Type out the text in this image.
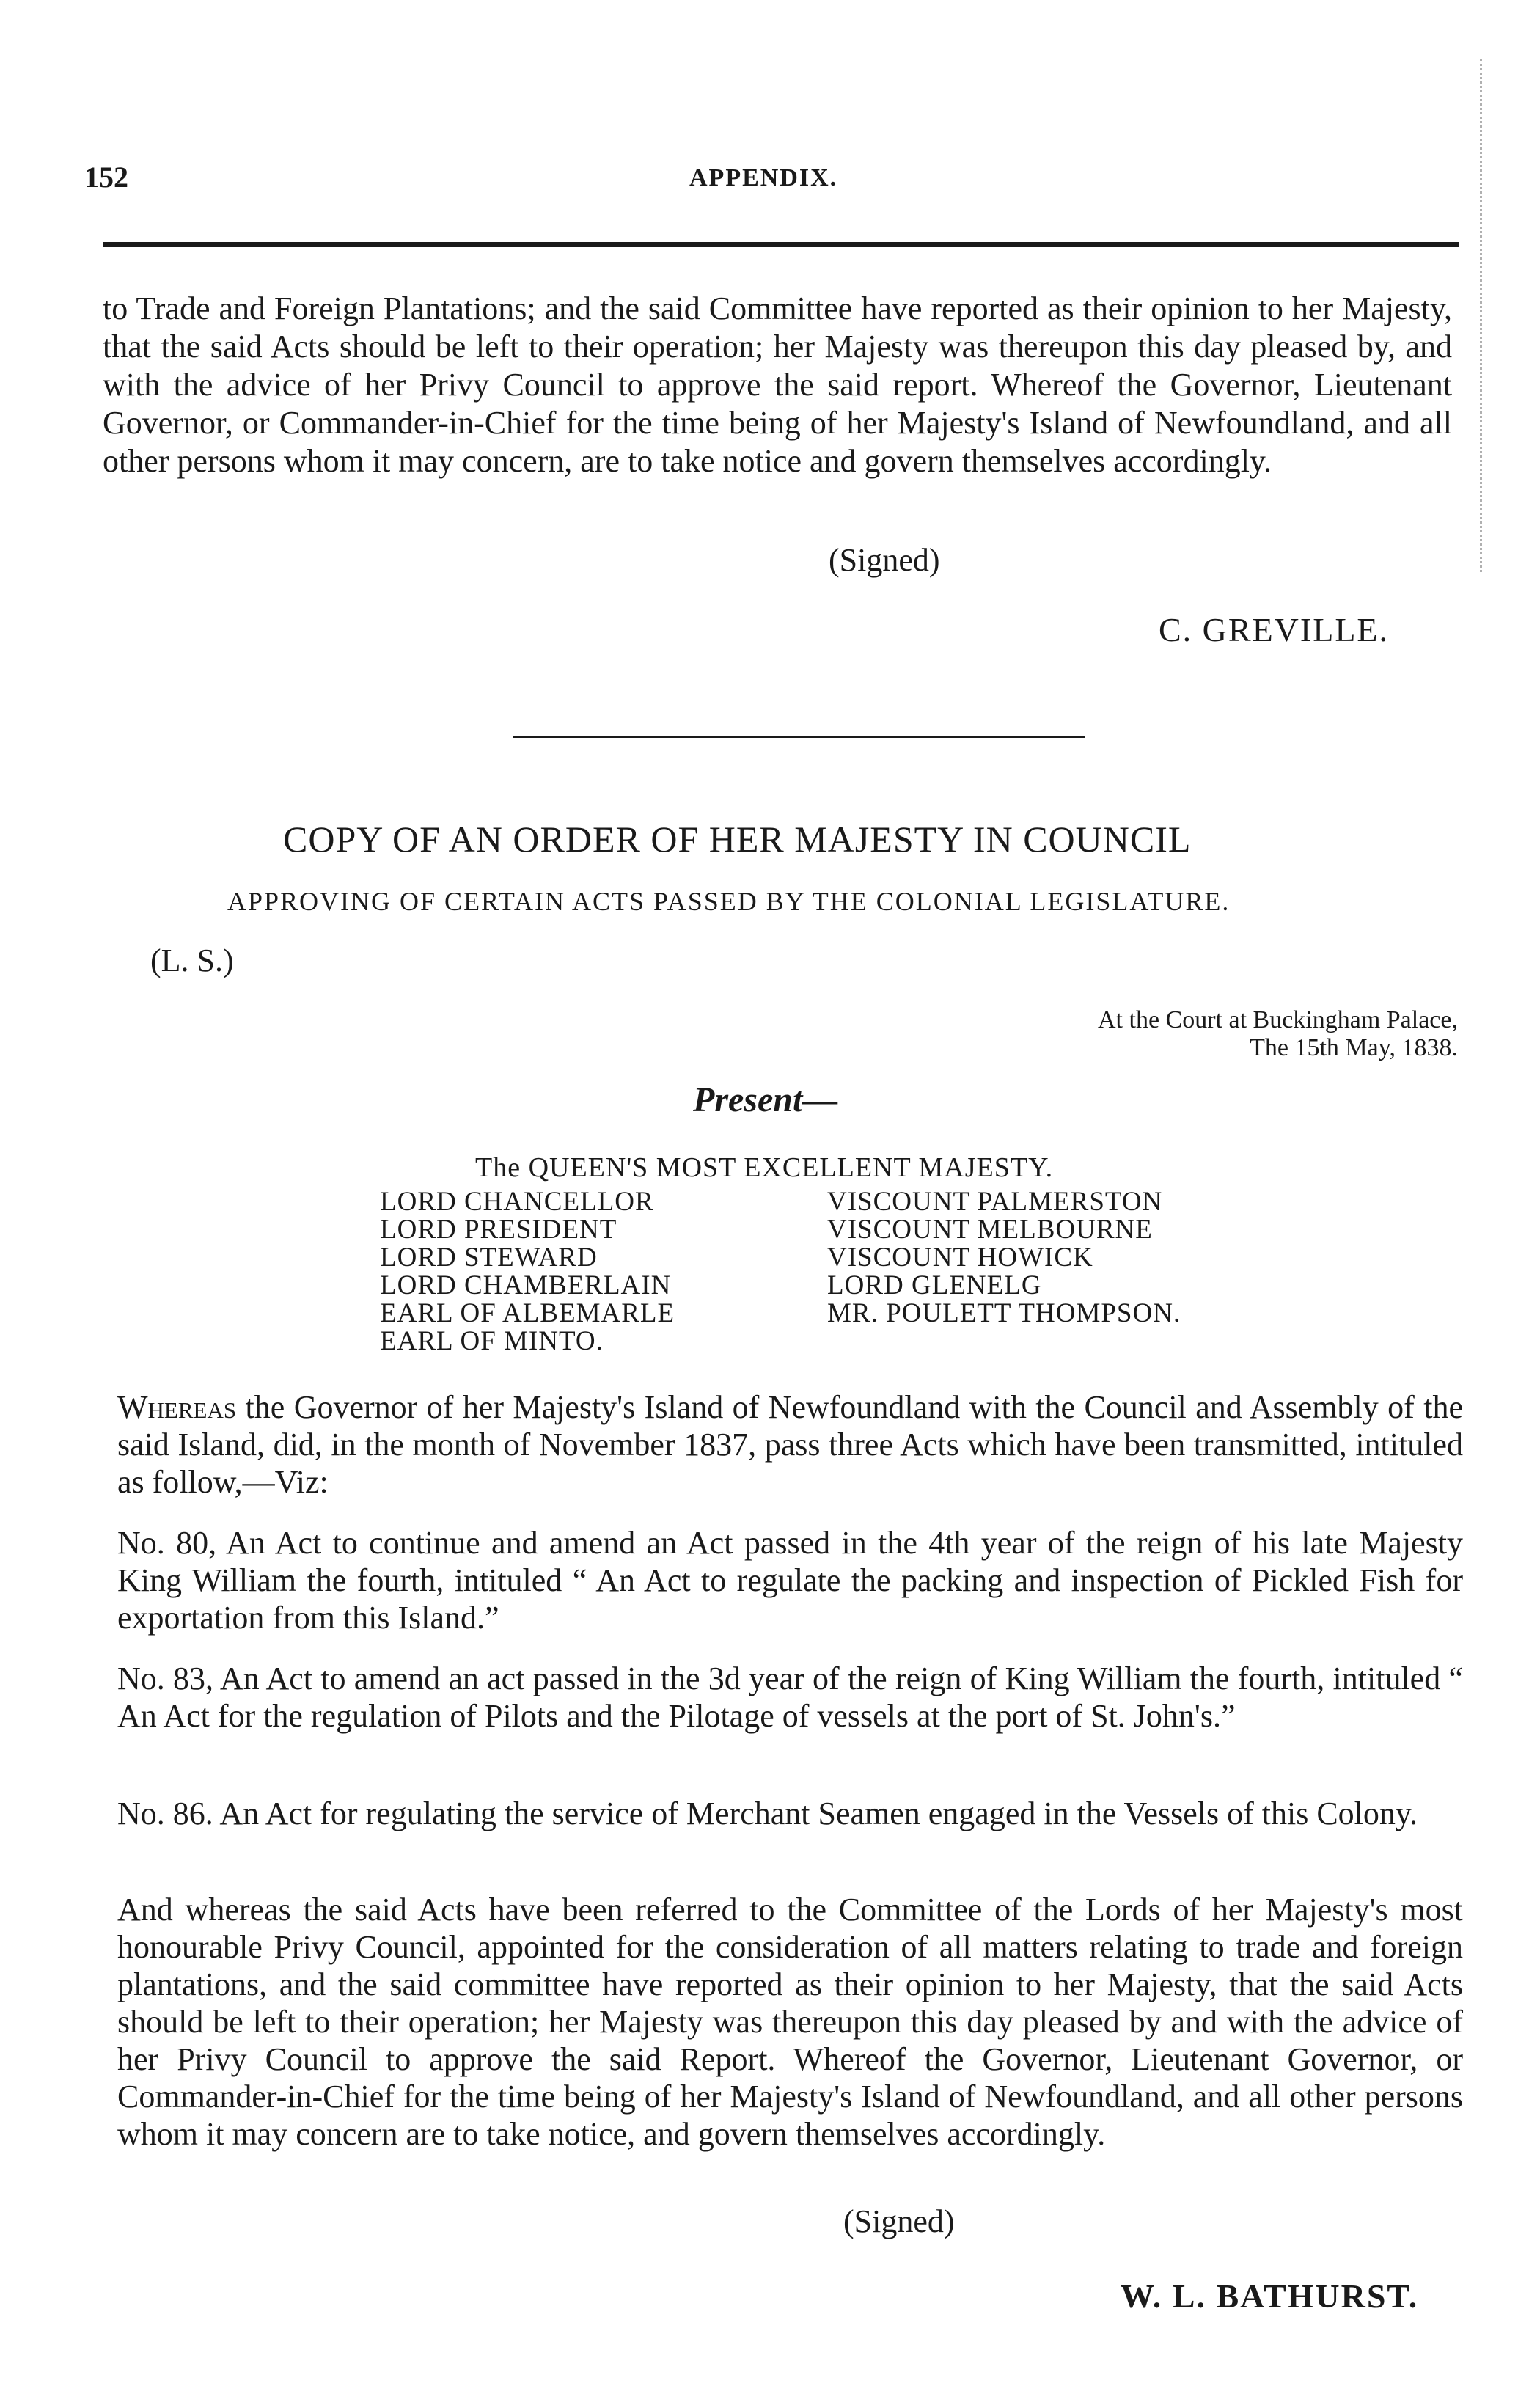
152	APPENDIX.
to Trade and Foreign Plantations; and the said Committee have reported as their opinion to her Majesty, that the said Acts should be left to their operation; her Majesty was thereupon this day pleased by, and with the advice of her Privy Council to approve the said report. Whereof the Governor, Lieutenant Governor, or Commander-in-Chief for the time being of her Majesty's Island of Newfoundland, and all other persons whom it may concern, are to take notice and govern themselves accordingly.
(Signed)
C. GREVILLE.
COPY OF AN ORDER OF HER MAJESTY IN COUNCIL
APPROVING OF CERTAIN ACTS PASSED BY THE COLONIAL LEGISLATURE.
(L. S.)
At the Court at Buckingham Palace,
The 15th May, 1838.
Present—
The QUEEN'S MOST EXCELLENT MAJESTY.
LORD CHANCELLOR
LORD PRESIDENT
LORD STEWARD
LORD CHAMBERLAIN
EARL OF ALBEMARLE
EARL OF MINTO.
VISCOUNT PALMERSTON
VISCOUNT MELBOURNE
VISCOUNT HOWICK
LORD GLENELG
MR. POULETT THOMPSON.
Whereas the Governor of her Majesty's Island of Newfoundland with the Council and Assembly of the said Island, did, in the month of November 1837, pass three Acts which have been transmitted, intituled as follow,—Viz:
No. 80, An Act to continue and amend an Act passed in the 4th year of the reign of his late Majesty King William the fourth, intituled “ An Act to regulate the packing and inspection of Pickled Fish for exportation from this Island.”
No. 83, An Act to amend an act passed in the 3d year of the reign of King William the fourth, intituled “ An Act for the regulation of Pilots and the Pilotage of vessels at the port of St. John's.”
No. 86. An Act for regulating the service of Merchant Seamen engaged in the Vessels of this Colony.
And whereas the said Acts have been referred to the Committee of the Lords of her Majesty's most honourable Privy Council, appointed for the consideration of all matters relating to trade and foreign plantations, and the said committee have reported as their opinion to her Majesty, that the said Acts should be left to their operation; her Majesty was thereupon this day pleased by and with the advice of her Privy Council to approve the said Report. Whereof the Governor, Lieutenant Governor, or Commander-in-Chief for the time being of her Majesty's Island of Newfoundland, and all other persons whom it may concern are to take notice, and govern themselves accordingly.
(Signed)
W. L. BATHURST.
